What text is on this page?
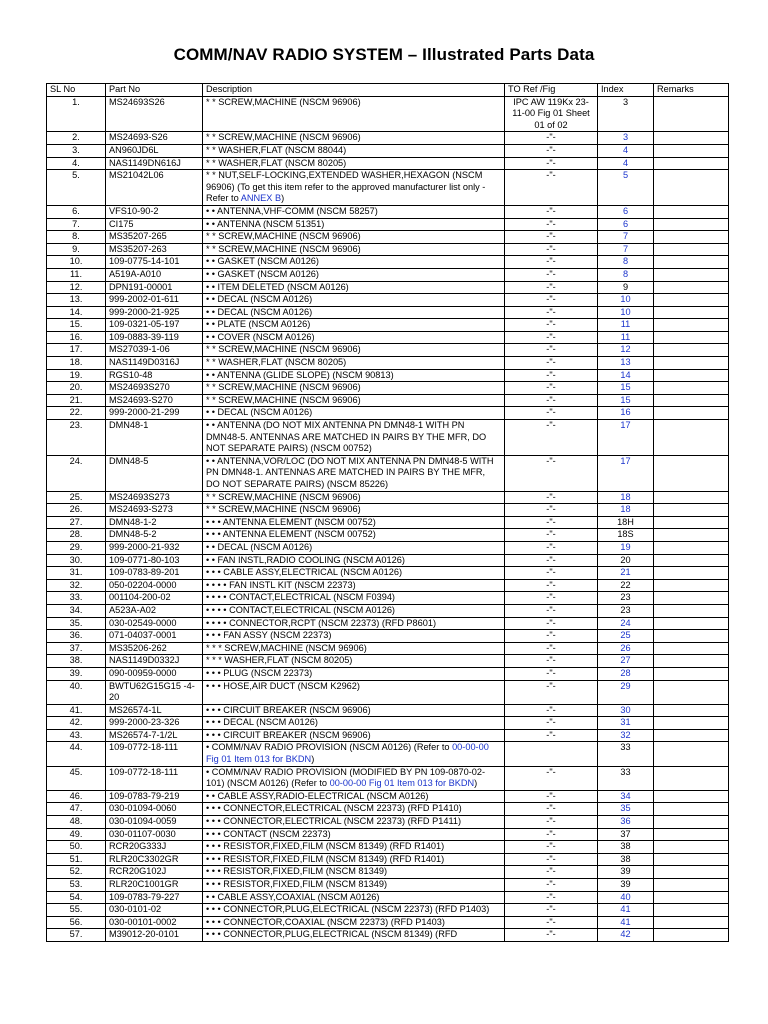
COMM/NAV RADIO SYSTEM – Illustrated Parts Data
SL No	Part No	Description	TO Ref /Fig	Index	Remarks
1.	MS24693S26	* * SCREW,MACHINE (NSCM 96906)	IPC AW 119Kx 23-11-00 Fig 01 Sheet 01 of 02	3	
2.	MS24693-S26	* * SCREW,MACHINE (NSCM 96906)	-"-	3	
3.	AN960JD6L	* * WASHER,FLAT (NSCM 88044)	-"-	4	
4.	NAS1149DN616J	* * WASHER,FLAT (NSCM 80205)	-"-	4	
5.	MS21042L06	* * NUT,SELF-LOCKING,EXTENDED WASHER,HEXAGON (NSCM 96906) (To get this item refer to the approved manufacturer list only - Refer to ANNEX B)	-"-	5	
6.	VFS10-90-2	• • ANTENNA,VHF-COMM (NSCM 58257)	-"-	6	
7.	CI175	• • ANTENNA (NSCM 51351)	-"-	6	
8.	MS35207-265	* * SCREW,MACHINE (NSCM 96906)	-"-	7	
9.	MS35207-263	* * SCREW,MACHINE (NSCM 96906)	-"-	7	
10.	109-0775-14-101	• • GASKET (NSCM A0126)	-"-	8	
11.	A519A-A010	• • GASKET (NSCM A0126)	-"-	8	
12.	DPN191-00001	• • ITEM DELETED (NSCM A0126)	-"-	9	
13.	999-2002-01-611	• • DECAL (NSCM A0126)	-"-	10	
14.	999-2000-21-925	• • DECAL (NSCM A0126)	-"-	10	
15.	109-0321-05-197	• • PLATE (NSCM A0126)	-"-	11	
16.	109-0883-39-119	• • COVER (NSCM A0126)	-"-	11	
17.	MS27039-1-06	* * SCREW,MACHINE (NSCM 96906)	-"-	12	
18.	NAS1149D0316J	* * WASHER,FLAT (NSCM 80205)	-"-	13	
19.	RGS10-48	• • ANTENNA (GLIDE SLOPE) (NSCM 90813)	-"-	14	
20.	MS24693S270	* * SCREW,MACHINE (NSCM 96906)	-"-	15	
21.	MS24693-S270	* * SCREW,MACHINE (NSCM 96906)	-"-	15	
22.	999-2000-21-299	• • DECAL (NSCM A0126)	-"-	16	
23.	DMN48-1	• • ANTENNA (DO NOT MIX ANTENNA PN DMN48-1 WITH PN DMN48-5. ANTENNAS ARE MATCHED IN PAIRS BY THE MFR, DO NOT SEPARATE PAIRS) (NSCM 00752)	-"-	17	
24.	DMN48-5	• • ANTENNA,VOR/LOC (DO NOT MIX ANTENNA PN DMN48-5 WITH PN DMN48-1. ANTENNAS ARE MATCHED IN PAIRS BY THE MFR, DO NOT SEPARATE PAIRS) (NSCM 85226)	-"-	17	
25.	MS24693S273	* * SCREW,MACHINE (NSCM 96906)	-"-	18	
26.	MS24693-S273	* * SCREW,MACHINE (NSCM 96906)	-"-	18	
27.	DMN48-1-2	• • • ANTENNA ELEMENT (NSCM 00752)	-"-	18H	
28.	DMN48-5-2	• • • ANTENNA ELEMENT (NSCM 00752)	-"-	18S	
29.	999-2000-21-932	• • DECAL (NSCM A0126)	-"-	19	
30.	109-0771-80-103	• • FAN INSTL,RADIO COOLING (NSCM A0126)	-"-	20	
31.	109-0783-89-201	• • • CABLE ASSY,ELECTRICAL (NSCM A0126)	-"-	21	
32.	050-02204-0000	• • • • FAN INSTL KIT (NSCM 22373)	-"-	22	
33.	001104-200-02	• • • • CONTACT,ELECTRICAL (NSCM F0394)	-"-	23	
34.	A523A-A02	• • • • CONTACT,ELECTRICAL (NSCM A0126)	-"-	23	
35.	030-02549-0000	• • • • CONNECTOR,RCPT (NSCM 22373) (RFD P8601)	-"-	24	
36.	071-04037-0001	• • • FAN ASSY (NSCM 22373)	-"-	25	
37.	MS35206-262	* * * SCREW,MACHINE (NSCM 96906)	-"-	26	
38.	NAS1149D0332J	* * * WASHER,FLAT (NSCM 80205)	-"-	27	
39.	090-00959-0000	• • • PLUG (NSCM 22373)	-"-	28	
40.	BWTU62G15G15 -4-20	• • • HOSE,AIR DUCT (NSCM K2962)	-"-	29	
41.	MS26574-1L	• • • CIRCUIT BREAKER (NSCM 96906)	-"-	30	
42.	999-2000-23-326	• • • DECAL (NSCM A0126)	-"-	31	
43.	MS26574-7-1/2L	• • • CIRCUIT BREAKER (NSCM 96906)	-"-	32	
44.	109-0772-18-111	• COMM/NAV RADIO PROVISION (NSCM A0126) (Refer to 00-00-00 Fig 01 Item 013 for BKDN)		33	
45.	109-0772-18-111	• COMM/NAV RADIO PROVISION (MODIFIED BY PN 109-0870-02-101) (NSCM A0126) (Refer to 00-00-00 Fig 01 Item 013 for BKDN)	-"-	33	
46.	109-0783-79-219	• • CABLE ASSY,RADIO-ELECTRICAL (NSCM A0126)	-"-	34	
47.	030-01094-0060	• • • CONNECTOR,ELECTRICAL (NSCM 22373) (RFD P1410)	-"-	35	
48.	030-01094-0059	• • • CONNECTOR,ELECTRICAL (NSCM 22373) (RFD P1411)	-"-	36	
49.	030-01107-0030	• • • CONTACT (NSCM 22373)	-"-	37	
50.	RCR20G333J	• • • RESISTOR,FIXED,FILM (NSCM 81349) (RFD R1401)	-"-	38	
51.	RLR20C3302GR	• • • RESISTOR,FIXED,FILM (NSCM 81349) (RFD R1401)	-"-	38	
52.	RCR20G102J	• • • RESISTOR,FIXED,FILM (NSCM 81349)	-"-	39	
53.	RLR20C1001GR	• • • RESISTOR,FIXED,FILM (NSCM 81349)	-"-	39	
54.	109-0783-79-227	• • CABLE ASSY,COAXIAL (NSCM A0126)	-"-	40	
55.	030-0101-02	• • • CONNECTOR,PLUG,ELECTRICAL (NSCM 22373) (RFD P1403)	-"-	41	
56.	030-00101-0002	• • • CONNECTOR,COAXIAL (NSCM 22373) (RFD P1403)	-"-	41	
57.	M39012-20-0101	• • • CONNECTOR,PLUG,ELECTRICAL (NSCM 81349) (RFD	-"-	42	
